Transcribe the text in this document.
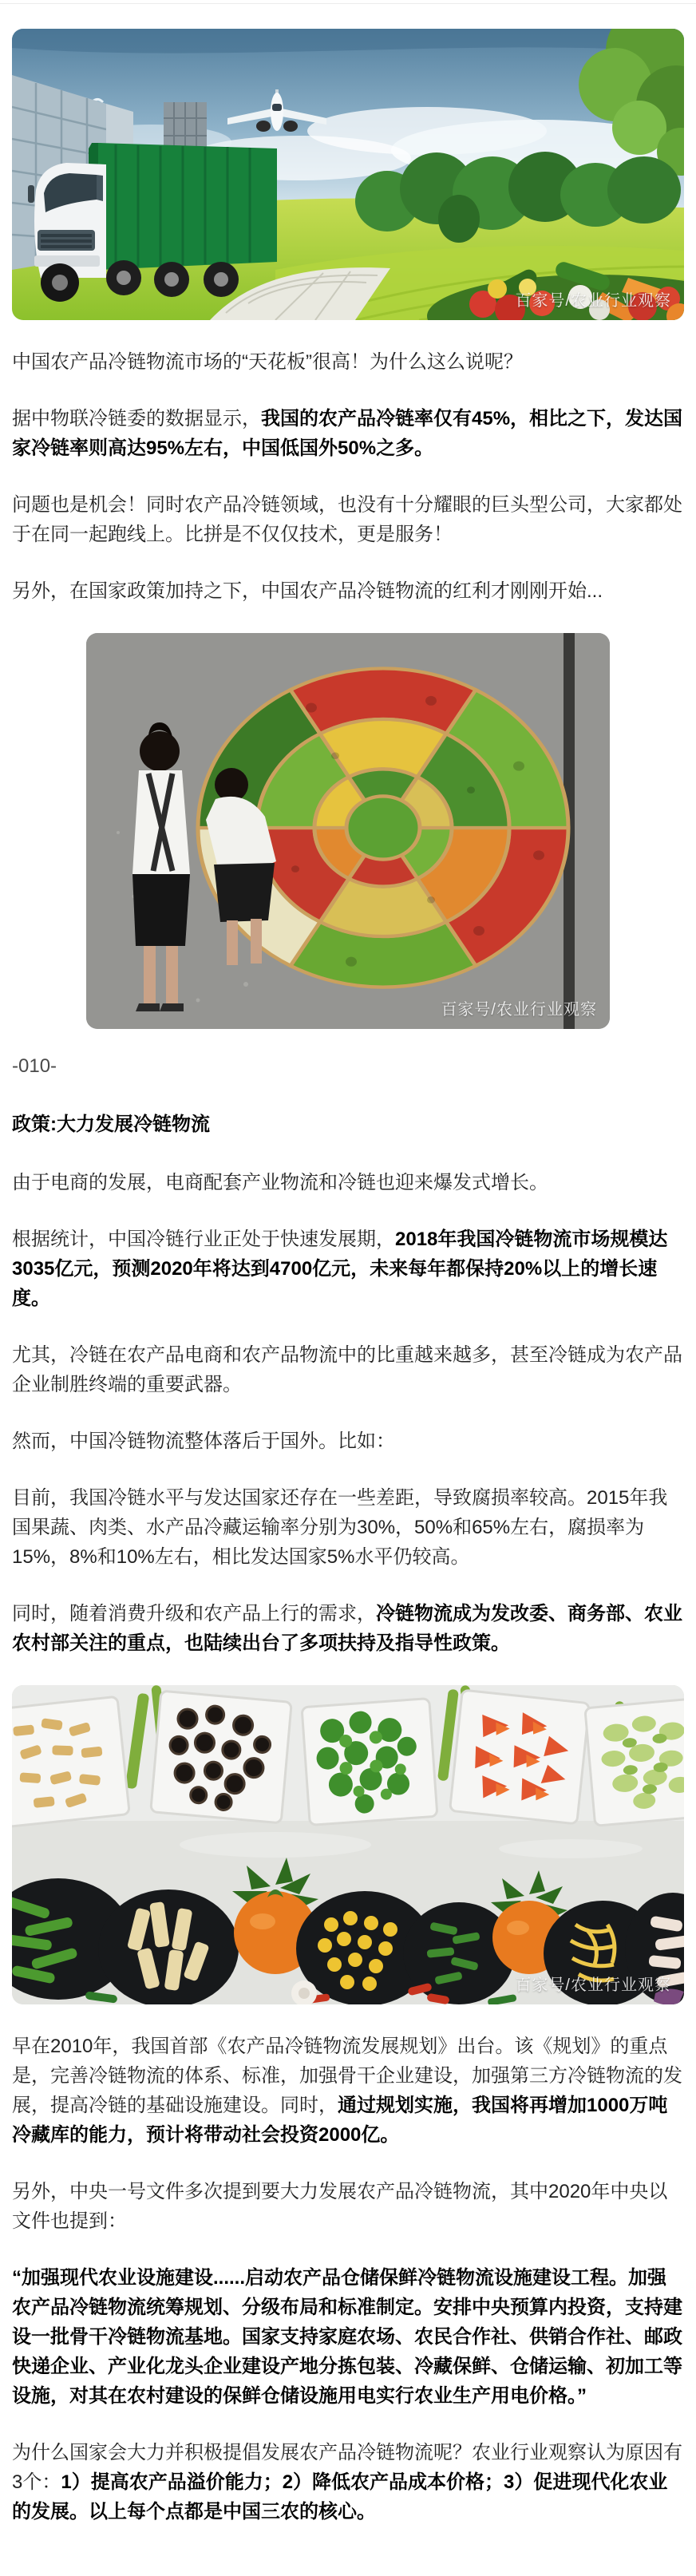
百家号/农业行业观察

中国农产品冷链物流市场的“天花板”很高！为什么这么说呢？

据中物联冷链委的数据显示，我国的农产品冷链率仅有45%，相比之下，发达国家冷链率则高达95%左右，中国低国外50%之多。

问题也是机会！同时农产品冷链领域，也没有十分耀眼的巨头型公司，大家都处于在同一起跑线上。比拼是不仅仅技术，更是服务！

另外，在国家政策加持之下，中国农产品冷链物流的红利才刚刚开始...

百家号/农业行业观察

-010-

政策:大力发展冷链物流

由于电商的发展，电商配套产业物流和冷链也迎来爆发式增长。

根据统计，中国冷链行业正处于快速发展期，2018年我国冷链物流市场规模达3035亿元，预测2020年将达到4700亿元，未来每年都保持20%以上的增长速度。

尤其，冷链在农产品电商和农产品物流中的比重越来越多，甚至冷链成为农产品企业制胜终端的重要武器。

然而，中国冷链物流整体落后于国外。比如：

目前，我国冷链水平与发达国家还存在一些差距，导致腐损率较高。2015年我国果蔬、肉类、水产品冷藏运输率分别为30%，50%和65%左右，腐损率为15%，8%和10%左右，相比发达国家5%水平仍较高。

同时，随着消费升级和农产品上行的需求，冷链物流成为发改委、商务部、农业农村部关注的重点，也陆续出台了多项扶持及指导性政策。

百家号/农业行业观察

早在2010年，我国首部《农产品冷链物流发展规划》出台。该《规划》的重点是，完善冷链物流的体系、标准，加强骨干企业建设，加强第三方冷链物流的发展，提高冷链的基础设施建设。同时，通过规划实施，我国将再增加1000万吨冷藏库的能力，预计将带动社会投资2000亿。

另外，中央一号文件多次提到要大力发展农产品冷链物流，其中2020年中央以文件也提到：

“加强现代农业设施建设......启动农产品仓储保鲜冷链物流设施建设工程。加强农产品冷链物流统筹规划、分级布局和标准制定。安排中央预算内投资，支持建设一批骨干冷链物流基地。国家支持家庭农场、农民合作社、供销合作社、邮政快递企业、产业化龙头企业建设产地分拣包装、冷藏保鲜、仓储运输、初加工等设施，对其在农村建设的保鲜仓储设施用电实行农业生产用电价格。”

为什么国家会大力并积极提倡发展农产品冷链物流呢？农业行业观察认为原因有3个：1）提高农产品溢价能力；2）降低农产品成本价格；3）促进现代化农业的发展。以上每个点都是中国三农的核心。
